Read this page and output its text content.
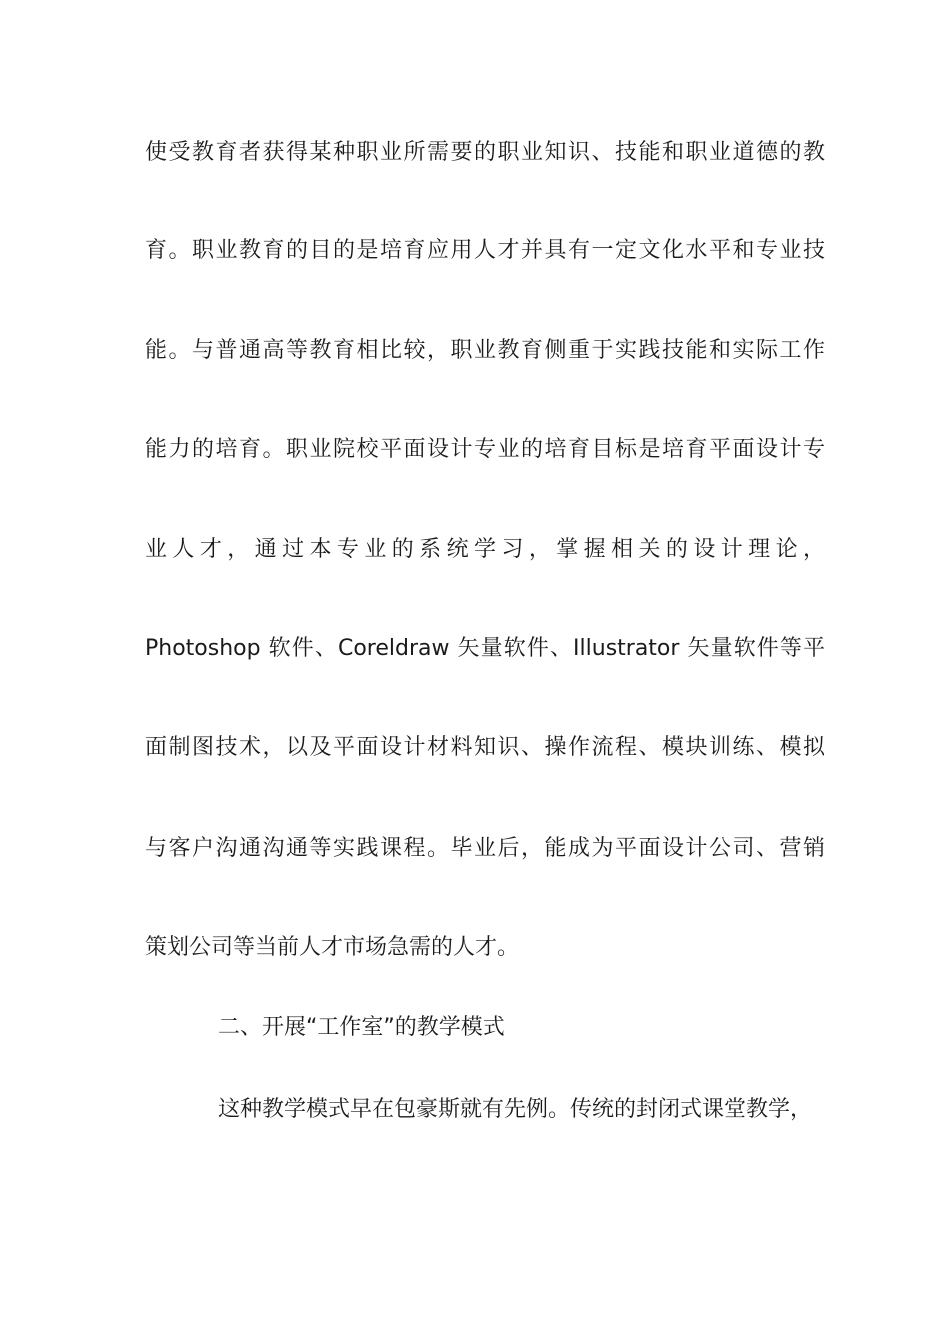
使受教育者获得某种职业所需要的职业知识、技能和职业道德的教
育。职业教育的目的是培育应用人才并具有一定文化水平和专业技
能。与普通高等教育相比较，职业教育侧重于实践技能和实际工作
能力的培育。职业院校平面设计专业的培育目标是培育平面设计专
业人才，通过本专业的系统学习，掌握相关的设计理论，
Photoshop 软件、Coreldraw 矢量软件、Illustrator 矢量软件等平
面制图技术，以及平面设计材料知识、操作流程、模块训练、模拟
与客户沟通沟通等实践课程。毕业后，能成为平面设计公司、营销
策划公司等当前人才市场急需的人才。
二、开展“工作室”的教学模式
这种教学模式早在包豪斯就有先例。传统的封闭式课堂教学，
